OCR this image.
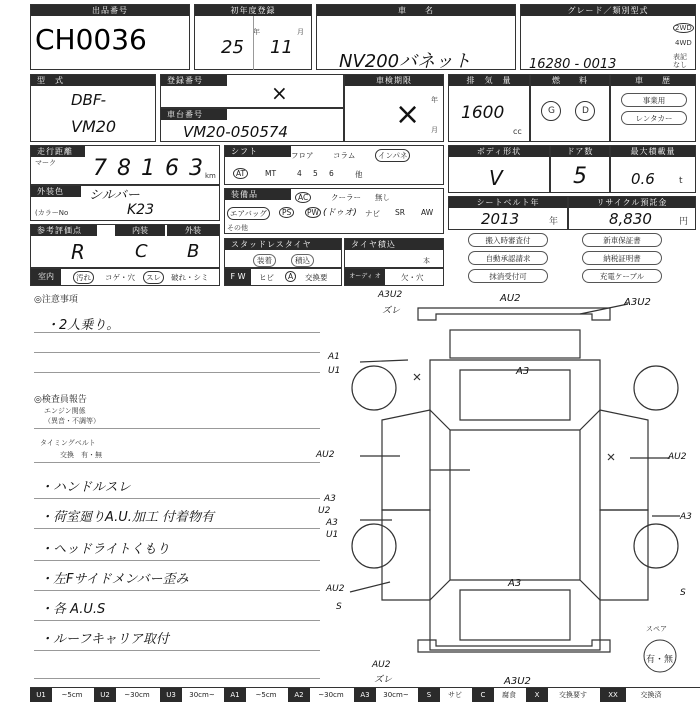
出品番号
CH0036
初年度登録
25
年
11
月
車　　名
NV200バネット
グレード／類別型式
16280 - 0013
2WD
4WD
表記なし
型　式
DBF-
VM20
登録番号
×
車検期限
年
× 月
車台番号
VM20-050574
排　気　量
1600
cc
燃　　料
G	D
車　　歴
事業用
レンタカー
走行距離
マーク 7 8 1 6 3 km
シフト	フロア	コラム	インパネ
AT	MT	4 5 6	他
ボディ形状
V
ドア数
5
最大積載量
0.6	t
外装色	シルバー
(カラーNo	K23
装備品	AC	クーラー 無し
エアバッグ	PS	PW (ドゥオ) ナビ SR AW
その他
シートベルト年
2013	年
リサイクル預託金
8,830	円
参考評価点	内装	外装
R	C B	スタッドレスタイヤ
装着	積込
タイヤ積込
本
搬入時審査付	新車保証書
自動承認請求	納税証明書
抹消受付可	充電ケーブル
室内	汚れ	コゲ・穴	スレ	破れ・シミ	F W	ヒビ	A	交換要	オーディ オ	欠・穴
◎注意事項
・2人乗り。
◎検査員報告
エンジン関係
（異音・不調等）
タイミングベルト
交換　有・無
・ハンドルスレ
・荷室廻りA.U.加工 付着物有
・ヘッドライトくもり
・左Fサイドメンバー歪み
・各 A.U.S
・ルーフキャリア取付
A3U2
ズレ
AU2	A3U2
A1
U1	A3
AU2	AU2
A3
U2
A3
U1
A3
A3
AU2
S
S
AU2
ズレ	A3U2
スペア
有・無
U1	~5cm	U2	~30cm	U3	30cm~	A1	~5cm	A2	~30cm	A3	30cm~	S	サビ	C	腐食	X	交換要す	XX	交換済
